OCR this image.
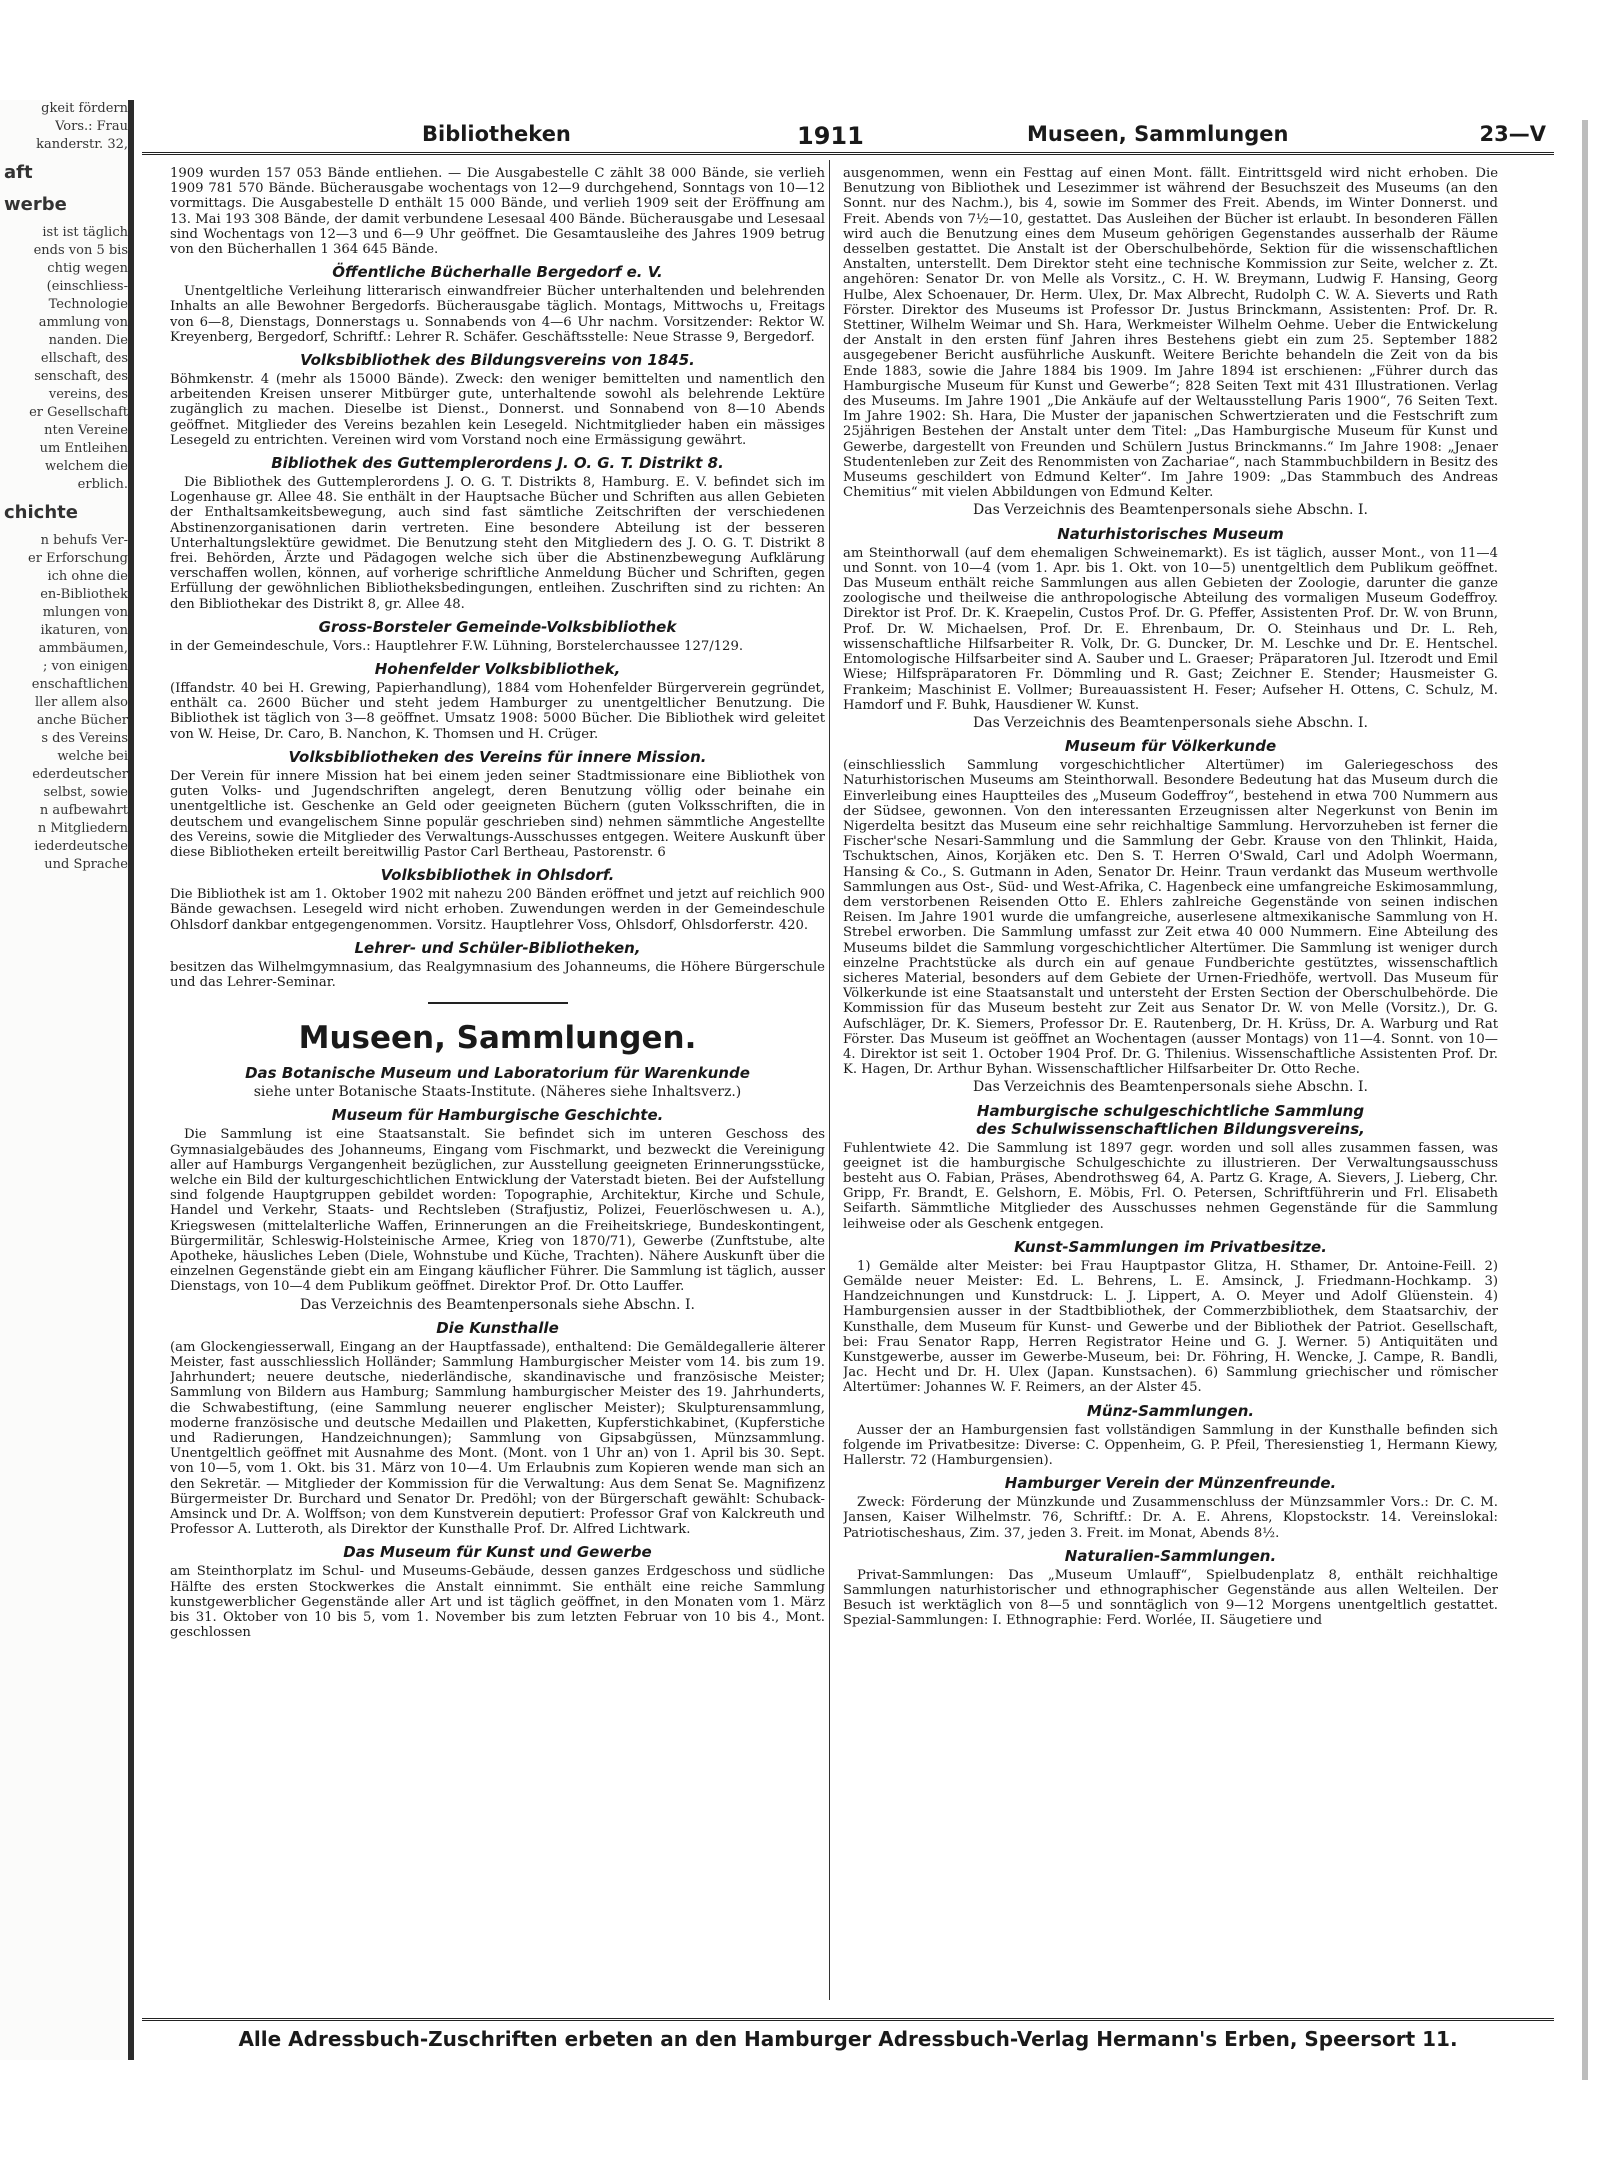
gkeit fördern
Vors.: Frau
kanderstr. 32,
aft
werbe
ist ist täglich
ends von 5 bis
chtig wegen
(einschliess-
Technologie
ammlung von
nanden. Die
ellschaft, des
senschaft, des
vereins, des
er Gesellschaft
nten Vereine
um Entleihen
welchem die
erblich.
chichte
n behufs Ver-
er Erforschung
ich ohne die
en-Bibliothek
mlungen von
ikaturen, von
ammbäumen,
; von einigen
enschaftlichen
ller allem also
anche Bücher
s des Vereins
welche bei
ederdeutscher
selbst, sowie
n aufbewahrt
n Mitgliedern
iederdeutsche
und Sprache
Bibliotheken	1911	Museen, Sammlungen	23—V

1909 wurden 157 053 Bände entliehen. — Die Ausgabestelle C zählt 38 000 Bände, sie verlieh 1909 781 570 Bände. Bücherausgabe wochentags von 12—9 durchgehend, Sonntags von 10—12 vormittags. Die Ausgabestelle D enthält 15 000 Bände, und verlieh 1909 seit der Eröffnung am 13. Mai 193 308 Bände, der damit verbundene Lesesaal 400 Bände. Bücherausgabe und Lesesaal sind Wochentags von 12—3 und 6—9 Uhr geöffnet. Die Gesamtausleihe des Jahres 1909 betrug von den Bücherhallen 1 364 645 Bände.

Öffentliche Bücherhalle Bergedorf e. V.

Unentgeltliche Verleihung litterarisch einwandfreier Bücher unterhaltenden und belehrenden Inhalts an alle Bewohner Bergedorfs. Bücherausgabe täglich. Montags, Mittwochs u, Freitags von 6—8, Dienstags, Donnerstags u. Sonnabends von 4—6 Uhr nachm. Vorsitzender: Rektor W. Kreyenberg, Bergedorf, Schriftf.: Lehrer R. Schäfer. Geschäftsstelle: Neue Strasse 9, Bergedorf.

Volksbibliothek des Bildungsvereins von 1845.

Böhmkenstr. 4 (mehr als 15000 Bände). Zweck: den weniger bemittelten und namentlich den arbeitenden Kreisen unserer Mitbürger gute, unterhaltende sowohl als belehrende Lektüre zugänglich zu machen. Dieselbe ist Dienst., Donnerst. und Sonnabend von 8—10 Abends geöffnet. Mitglieder des Vereins bezahlen kein Lesegeld. Nichtmitglieder haben ein mässiges Lesegeld zu entrichten. Vereinen wird vom Vorstand noch eine Ermässigung gewährt.

Bibliothek des Guttemplerordens J. O. G. T. Distrikt 8.

Die Bibliothek des Guttemplerordens J. O. G. T. Distrikts 8, Hamburg. E. V. befindet sich im Logenhause gr. Allee 48. Sie enthält in der Hauptsache Bücher und Schriften aus allen Gebieten der Enthaltsamkeitsbewegung, auch sind fast sämtliche Zeitschriften der verschiedenen Abstinenzorganisationen darin vertreten. Eine besondere Abteilung ist der besseren Unterhaltungslektüre gewidmet. Die Benutzung steht den Mitgliedern des J. O. G. T. Distrikt 8 frei. Behörden, Ärzte und Pädagogen welche sich über die Abstinenzbewegung Aufklärung verschaffen wollen, können, auf vorherige schriftliche Anmeldung Bücher und Schriften, gegen Erfüllung der gewöhnlichen Bibliotheksbedingungen, entleihen. Zuschriften sind zu richten: An den Bibliothekar des Distrikt 8, gr. Allee 48.

Gross-Borsteler Gemeinde-Volksbibliothek

in der Gemeindeschule, Vors.: Hauptlehrer F.W. Lühning, Borstelerchaussee 127/129.

Hohenfelder Volksbibliothek,

(Iffandstr. 40 bei H. Grewing, Papierhandlung), 1884 vom Hohenfelder Bürgerverein gegründet, enthält ca. 2600 Bücher und steht jedem Hamburger zu unentgeltlicher Benutzung. Die Bibliothek ist täglich von 3—8 geöffnet. Umsatz 1908: 5000 Bücher. Die Bibliothek wird geleitet von W. Heise, Dr. Caro, B. Nanchon, K. Thomsen und H. Crüger.

Volksbibliotheken des Vereins für innere Mission.

Der Verein für innere Mission hat bei einem jeden seiner Stadtmissionare eine Bibliothek von guten Volks- und Jugendschriften angelegt, deren Benutzung völlig oder beinahe ein unentgeltliche ist. Geschenke an Geld oder geeigneten Büchern (guten Volksschriften, die in deutschem und evangelischem Sinne populär geschrieben sind) nehmen sämmtliche Angestellte des Vereins, sowie die Mitglieder des Verwaltungs-Ausschusses entgegen. Weitere Auskunft über diese Bibliotheken erteilt bereitwillig Pastor Carl Bertheau, Pastorenstr. 6

Volksbibliothek in Ohlsdorf.

Die Bibliothek ist am 1. Oktober 1902 mit nahezu 200 Bänden eröffnet und jetzt auf reichlich 900 Bände gewachsen. Lesegeld wird nicht erhoben. Zuwendungen werden in der Gemeindeschule Ohlsdorf dankbar entgegengenommen. Vorsitz. Hauptlehrer Voss, Ohlsdorf, Ohlsdorferstr. 420.

Lehrer- und Schüler-Bibliotheken,

besitzen das Wilhelmgymnasium, das Realgymnasium des Johanneums, die Höhere Bürgerschule und das Lehrer-Seminar.

Museen, Sammlungen.
Das Botanische Museum und Laboratorium für Warenkunde
siehe unter Botanische Staats-Institute. (Näheres siehe Inhaltsverz.)
Museum für Hamburgische Geschichte.

Die Sammlung ist eine Staatsanstalt. Sie befindet sich im unteren Geschoss des Gymnasialgebäudes des Johanneums, Eingang vom Fischmarkt, und bezweckt die Vereinigung aller auf Hamburgs Vergangenheit bezüglichen, zur Ausstellung geeigneten Erinnerungsstücke, welche ein Bild der kulturgeschichtlichen Entwicklung der Vaterstadt bieten. Bei der Aufstellung sind folgende Hauptgruppen gebildet worden: Topographie, Architektur, Kirche und Schule, Handel und Verkehr, Staats- und Rechtsleben (Strafjustiz, Polizei, Feuerlöschwesen u. A.), Kriegswesen (mittelalterliche Waffen, Erinnerungen an die Freiheitskriege, Bundeskontingent, Bürgermilitär, Schleswig-Holsteinische Armee, Krieg von 1870/71), Gewerbe (Zunftstube, alte Apotheke, häusliches Leben (Diele, Wohnstube und Küche, Trachten). Nähere Auskunft über die einzelnen Gegenstände giebt ein am Eingang käuflicher Führer. Die Sammlung ist täglich, ausser Dienstags, von 10—4 dem Publikum geöffnet. Direktor Prof. Dr. Otto Lauffer.

Das Verzeichnis des Beamtenpersonals siehe Abschn. I.
Die Kunsthalle

(am Glockengiesserwall, Eingang an der Hauptfassade), enthaltend: Die Gemäldegallerie älterer Meister, fast ausschliesslich Holländer; Sammlung Hamburgischer Meister vom 14. bis zum 19. Jahrhundert; neuere deutsche, niederländische, skandinavische und französische Meister; Sammlung von Bildern aus Hamburg; Sammlung hamburgischer Meister des 19. Jahrhunderts, die Schwabestiftung, (eine Sammlung neuerer englischer Meister); Skulpturensammlung, moderne französische und deutsche Medaillen und Plaketten, Kupferstichkabinet, (Kupferstiche und Radierungen, Handzeichnungen); Sammlung von Gipsabgüssen, Münzsammlung. Unentgeltlich geöffnet mit Ausnahme des Mont. (Mont. von 1 Uhr an) von 1. April bis 30. Sept. von 10—5, vom 1. Okt. bis 31. März von 10—4. Um Erlaubnis zum Kopieren wende man sich an den Sekretär. — Mitglieder der Kommission für die Verwaltung: Aus dem Senat Se. Magnifizenz Bürgermeister Dr. Burchard und Senator Dr. Predöhl; von der Bürgerschaft gewählt: Schuback-Amsinck und Dr. A. Wolffson; von dem Kunstverein deputiert: Professor Graf von Kalckreuth und Professor A. Lutteroth, als Direktor der Kunsthalle Prof. Dr. Alfred Lichtwark.

Das Museum für Kunst und Gewerbe

am Steinthorplatz im Schul- und Museums-Gebäude, dessen ganzes Erdgeschoss und südliche Hälfte des ersten Stockwerkes die Anstalt einnimmt. Sie enthält eine reiche Sammlung kunstgewerblicher Gegenstände aller Art und ist täglich geöffnet, in den Monaten vom 1. März bis 31. Oktober von 10 bis 5, vom 1. November bis zum letzten Februar von 10 bis 4., Mont. geschlossen

ausgenommen, wenn ein Festtag auf einen Mont. fällt. Eintrittsgeld wird nicht erhoben. Die Benutzung von Bibliothek und Lesezimmer ist während der Besuchszeit des Museums (an den Sonnt. nur des Nachm.), bis 4, sowie im Sommer des Freit. Abends, im Winter Donnerst. und Freit. Abends von 7½—10, gestattet. Das Ausleihen der Bücher ist erlaubt. In besonderen Fällen wird auch die Benutzung eines dem Museum gehörigen Gegenstandes ausserhalb der Räume desselben gestattet. Die Anstalt ist der Oberschulbehörde, Sektion für die wissenschaftlichen Anstalten, unterstellt. Dem Direktor steht eine technische Kommission zur Seite, welcher z. Zt. angehören: Senator Dr. von Melle als Vorsitz., C. H. W. Breymann, Ludwig F. Hansing, Georg Hulbe, Alex Schoenauer, Dr. Herm. Ulex, Dr. Max Albrecht, Rudolph C. W. A. Sieverts und Rath Förster. Direktor des Museums ist Professor Dr. Justus Brinckmann, Assistenten: Prof. Dr. R. Stettiner, Wilhelm Weimar und Sh. Hara, Werkmeister Wilhelm Oehme. Ueber die Entwickelung der Anstalt in den ersten fünf Jahren ihres Bestehens giebt ein zum 25. September 1882 ausgegebener Bericht ausführliche Auskunft. Weitere Berichte behandeln die Zeit von da bis Ende 1883, sowie die Jahre 1884 bis 1909. Im Jahre 1894 ist erschienen: „Führer durch das Hamburgische Museum für Kunst und Gewerbe“; 828 Seiten Text mit 431 Illustrationen. Verlag des Museums. Im Jahre 1901 „Die Ankäufe auf der Weltausstellung Paris 1900“, 76 Seiten Text. Im Jahre 1902: Sh. Hara, Die Muster der japanischen Schwertzieraten und die Festschrift zum 25jährigen Bestehen der Anstalt unter dem Titel: „Das Hamburgische Museum für Kunst und Gewerbe, dargestellt von Freunden und Schülern Justus Brinckmanns.“ Im Jahre 1908: „Jenaer Studentenleben zur Zeit des Renommisten von Zachariae“, nach Stammbuchbildern in Besitz des Museums geschildert von Edmund Kelter“. Im Jahre 1909: „Das Stammbuch des Andreas Chemitius“ mit vielen Abbildungen von Edmund Kelter.

Das Verzeichnis des Beamtenpersonals siehe Abschn. I.
Naturhistorisches Museum

am Steinthorwall (auf dem ehemaligen Schweinemarkt). Es ist täglich, ausser Mont., von 11—4 und Sonnt. von 10—4 (vom 1. Apr. bis 1. Okt. von 10—5) unentgeltlich dem Publikum geöffnet. Das Museum enthält reiche Sammlungen aus allen Gebieten der Zoologie, darunter die ganze zoologische und theilweise die anthropologische Abteilung des vormaligen Museum Godeffroy. Direktor ist Prof. Dr. K. Kraepelin, Custos Prof. Dr. G. Pfeffer, Assistenten Prof. Dr. W. von Brunn, Prof. Dr. W. Michaelsen, Prof. Dr. E. Ehrenbaum, Dr. O. Steinhaus und Dr. L. Reh, wissenschaftliche Hilfsarbeiter R. Volk, Dr. G. Duncker, Dr. M. Leschke und Dr. E. Hentschel. Entomologische Hilfsarbeiter sind A. Sauber und L. Graeser; Präparatoren Jul. Itzerodt und Emil Wiese; Hilfspräparatoren Fr. Dömmling und R. Gast; Zeichner E. Stender; Hausmeister G. Frankeim; Maschinist E. Vollmer; Bureauassistent H. Feser; Aufseher H. Ottens, C. Schulz, M. Hamdorf und F. Buhk, Hausdiener W. Kunst.

Das Verzeichnis des Beamtenpersonals siehe Abschn. I.
Museum für Völkerkunde

(einschliesslich Sammlung vorgeschichtlicher Altertümer) im Galeriegeschoss des Naturhistorischen Museums am Steinthorwall. Besondere Bedeutung hat das Museum durch die Einverleibung eines Hauptteiles des „Museum Godeffroy“, bestehend in etwa 700 Nummern aus der Südsee, gewonnen. Von den interessanten Erzeugnissen alter Negerkunst von Benin im Nigerdelta besitzt das Museum eine sehr reichhaltige Sammlung. Hervorzuheben ist ferner die Fischer'sche Nesari-Sammlung und die Sammlung der Gebr. Krause von den Thlinkit, Haida, Tschuktschen, Ainos, Korjäken etc. Den S. T. Herren O'Swald, Carl und Adolph Woermann, Hansing & Co., S. Gutmann in Aden, Senator Dr. Heinr. Traun verdankt das Museum werthvolle Sammlungen aus Ost-, Süd- und West-Afrika, C. Hagenbeck eine umfangreiche Eskimosammlung, dem verstorbenen Reisenden Otto E. Ehlers zahlreiche Gegenstände von seinen indischen Reisen. Im Jahre 1901 wurde die umfangreiche, auserlesene altmexikanische Sammlung von H. Strebel erworben. Die Sammlung umfasst zur Zeit etwa 40 000 Nummern. Eine Abteilung des Museums bildet die Sammlung vorgeschichtlicher Altertümer. Die Sammlung ist weniger durch einzelne Prachtstücke als durch ein auf genaue Fundberichte gestütztes, wissenschaftlich sicheres Material, besonders auf dem Gebiete der Urnen-Friedhöfe, wertvoll. Das Museum für Völkerkunde ist eine Staatsanstalt und untersteht der Ersten Section der Oberschulbehörde. Die Kommission für das Museum besteht zur Zeit aus Senator Dr. W. von Melle (Vorsitz.), Dr. G. Aufschläger, Dr. K. Siemers, Professor Dr. E. Rautenberg, Dr. H. Krüss, Dr. A. Warburg und Rat Förster. Das Museum ist geöffnet an Wochentagen (ausser Montags) von 11—4. Sonnt. von 10—4. Direktor ist seit 1. October 1904 Prof. Dr. G. Thilenius. Wissenschaftliche Assistenten Prof. Dr. K. Hagen, Dr. Arthur Byhan. Wissenschaftlicher Hilfsarbeiter Dr. Otto Reche.

Das Verzeichnis des Beamtenpersonals siehe Abschn. I.
Hamburgische schulgeschichtliche Sammlung
des Schulwissenschaftlichen Bildungsvereins,

Fuhlentwiete 42. Die Sammlung ist 1897 gegr. worden und soll alles zusammen fassen, was geeignet ist die hamburgische Schulgeschichte zu illustrieren. Der Verwaltungsausschuss besteht aus O. Fabian, Präses, Abendrothsweg 64, A. Partz G. Krage, A. Sievers, J. Lieberg, Chr. Gripp, Fr. Brandt, E. Gelshorn, E. Möbis, Frl. O. Petersen, Schriftführerin und Frl. Elisabeth Seifarth. Sämmtliche Mitglieder des Ausschusses nehmen Gegenstände für die Sammlung leihweise oder als Geschenk entgegen.

Kunst-Sammlungen im Privatbesitze.

1) Gemälde alter Meister: bei Frau Hauptpastor Glitza, H. Sthamer, Dr. Antoine-Feill. 2) Gemälde neuer Meister: Ed. L. Behrens, L. E. Amsinck, J. Friedmann-Hochkamp. 3) Handzeichnungen und Kunstdruck: L. J. Lippert, A. O. Meyer und Adolf Glüenstein. 4) Hamburgensien ausser in der Stadtbibliothek, der Commerzbibliothek, dem Staatsarchiv, der Kunsthalle, dem Museum für Kunst- und Gewerbe und der Bibliothek der Patriot. Gesellschaft, bei: Frau Senator Rapp, Herren Registrator Heine und G. J. Werner. 5) Antiquitäten und Kunstgewerbe, ausser im Gewerbe-Museum, bei: Dr. Föhring, H. Wencke, J. Campe, R. Bandli, Jac. Hecht und Dr. H. Ulex (Japan. Kunstsachen). 6) Sammlung griechischer und römischer Altertümer: Johannes W. F. Reimers, an der Alster 45.

Münz-Sammlungen.

Ausser der an Hamburgensien fast vollständigen Sammlung in der Kunsthalle befinden sich folgende im Privatbesitze: Diverse: C. Oppenheim, G. P. Pfeil, Theresienstieg 1, Hermann Kiewy, Hallerstr. 72 (Hamburgensien).

Hamburger Verein der Münzenfreunde.

Zweck: Förderung der Münzkunde und Zusammenschluss der Münzsammler Vors.: Dr. C. M. Jansen, Kaiser Wilhelmstr. 76, Schriftf.: Dr. A. E. Ahrens, Klopstockstr. 14. Vereinslokal: Patriotischeshaus, Zim. 37, jeden 3. Freit. im Monat, Abends 8½.

Naturalien-Sammlungen.

Privat-Sammlungen: Das „Museum Umlauff“, Spielbudenplatz 8, enthält reichhaltige Sammlungen naturhistorischer und ethnographischer Gegenstände aus allen Welteilen. Der Besuch ist werktäglich von 8—5 und sonntäglich von 9—12 Morgens unentgeltlich gestattet. Spezial-Sammlungen: I. Ethnographie: Ferd. Worlée, II. Säugetiere und

Alle Adressbuch-Zuschriften erbeten an den Hamburger Adressbuch-Verlag Hermann's Erben, Speersort 11.
